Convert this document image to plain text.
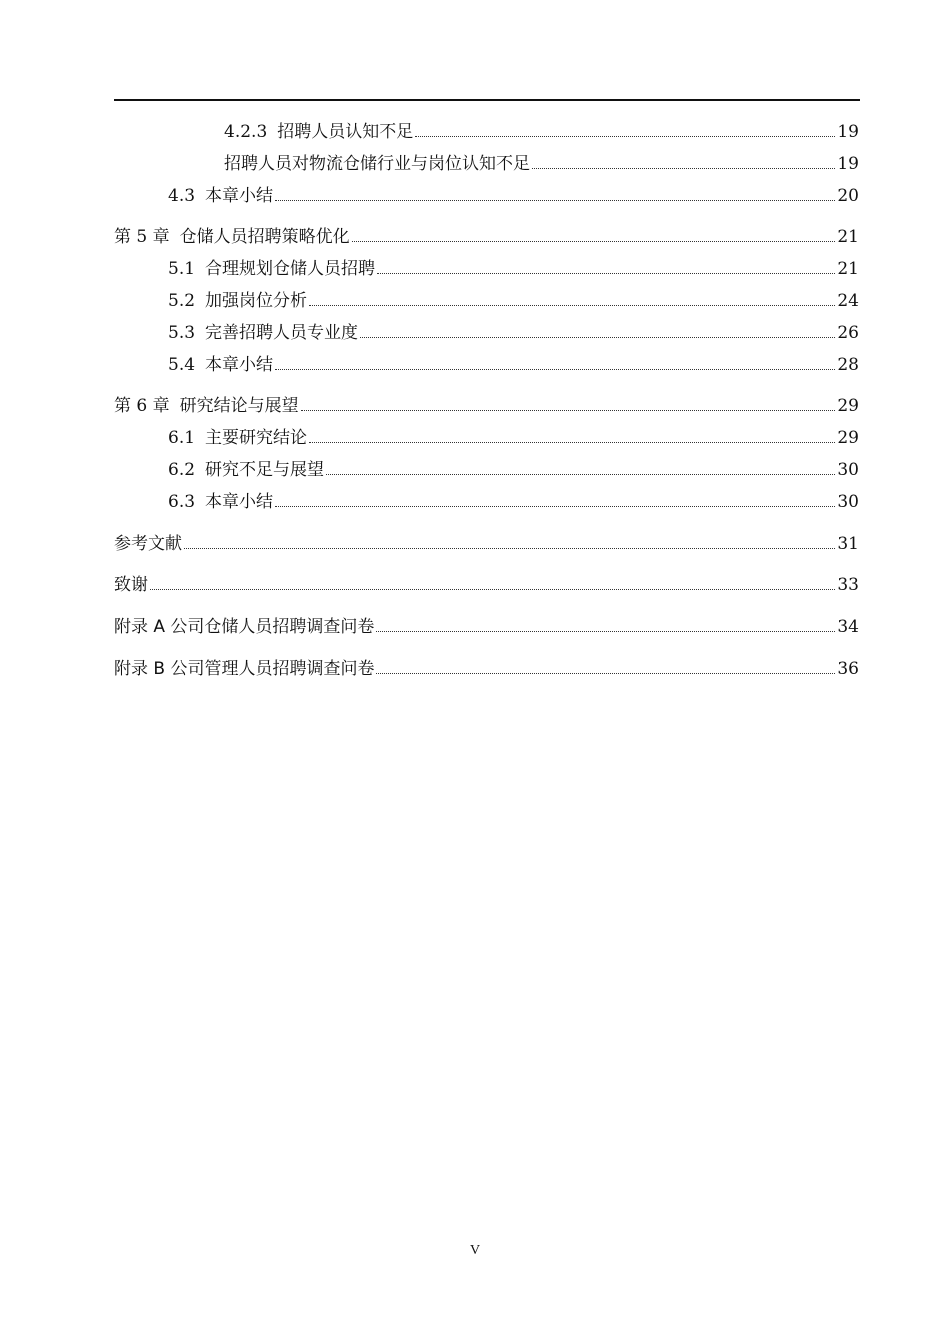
4.2.3 招聘人员认知不足	19
招聘人员对物流仓储行业与岗位认知不足	19
4.3 本章小结	20
第 5 章 仓储人员招聘策略优化	21
5.1 合理规划仓储人员招聘	21
5.2 加强岗位分析	24
5.3 完善招聘人员专业度	26
5.4 本章小结	28
第 6 章 研究结论与展望	29
6.1 主要研究结论	29
6.2 研究不足与展望	30
6.3 本章小结	30
参考文献	31
致谢	33
附录 A 公司仓储人员招聘调查问卷	34
附录 B 公司管理人员招聘调查问卷	36
V
